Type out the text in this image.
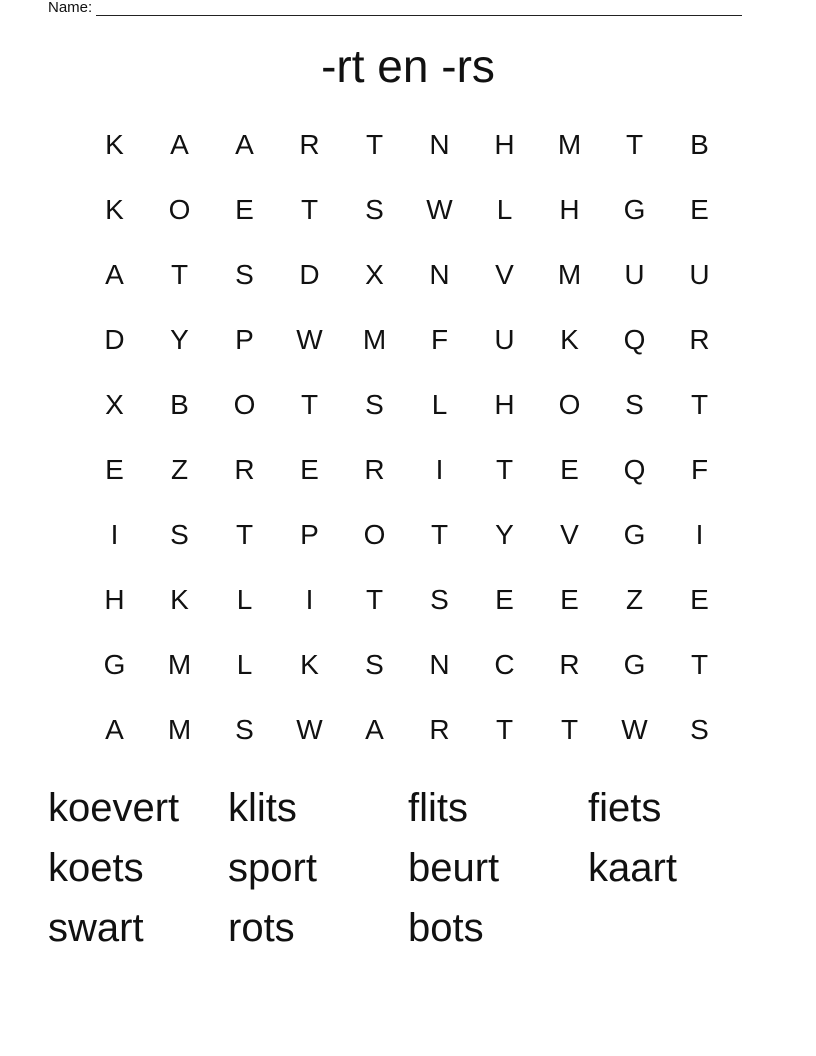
Name:
-rt en -rs
K	A	A	R	T	N	H	M	T	B
K	O	E	T	S	W	L	H	G	E
A	T	S	D	X	N	V	M	U	U
D	Y	P	W	M	F	U	K	Q	R
X	B	O	T	S	L	H	O	S	T
E	Z	R	E	R	I	T	E	Q	F
I	S	T	P	O	T	Y	V	G	I
H	K	L	I	T	S	E	E	Z	E
G	M	L	K	S	N	C	R	G	T
A	M	S	W	A	R	T	T	W	S
koevert	klits	flits	fiets
koets	sport	beurt	kaart
swart	rots	bots
